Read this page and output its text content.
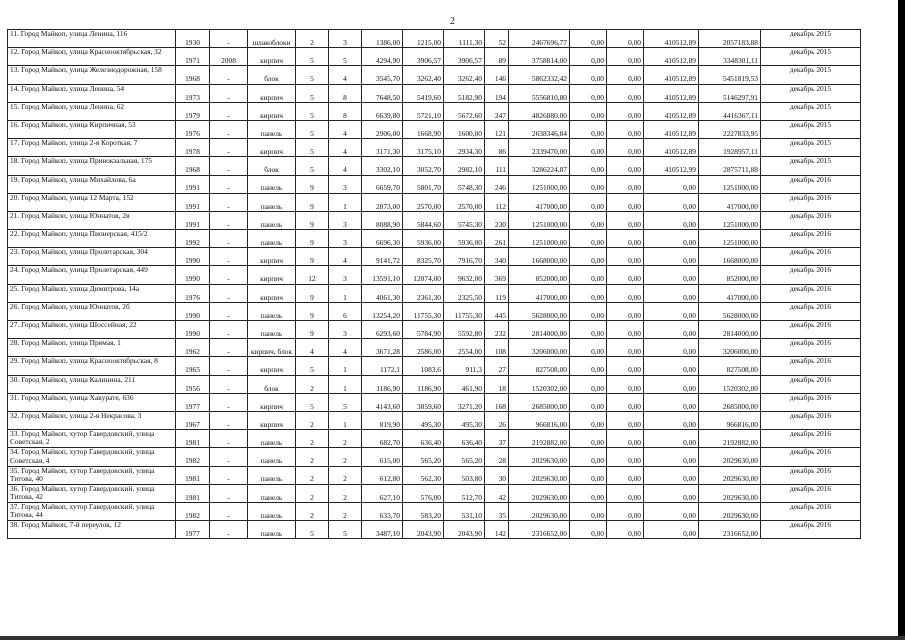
2
11. Город Майкоп, улица Ленина, 116	1930	-	шлакоблоки	2	3	1386,00	1215,00	1111,30	52	2467696,77	0,00	0,00	410512,89	2057183,88	декабрь 2015
12. Город Майкоп, улица Краснооктябрьская, 32	1971	2008	кирпич	5	5	4294,90	3906,57	3906,57	89	3758814,00	0,00	0,00	410512,89	3348301,11	декабрь 2015
13. Город Майкоп, улица Железнодорожная, 158	1968	-	блок	5	4	3545,70	3262,40	3262,40	146	5862332,42	0,00	0,00	410512,89	5451819,53	декабрь 2015
14. Город Майкоп, улица Ленина, 54	1973	-	кирпич	5	8	7648,50	5419,60	5182,90	194	5556810,80	0,00	0,00	410512,89	5146297,91	декабрь 2015
15. Город Майкоп, улица Ленина, 62	1979	-	кирпич	5	8	6639,80	5721,10	5672,60	247	4826880,00	0,00	0,00	410512,89	4416367,11	декабрь 2015
16. Город Майкоп, улица Кирпичная, 53	1976	-	панель	5	4	2906,00	1668,90	1600,00	121	2638346,84	0,00	0,00	410512,89	2227833,95	декабрь 2015
17. Город Майкоп, улица 2-я Короткая, 7	1978	-	кирпич	5	4	3171,30	3175,10	2934,30	86	2339470,00	0,00	0,00	410512,89	1928957,11	декабрь 2015
18. Город Майкоп, улица Привокзальная, 175	1968	-	блок	5	4	3302,10	3052,70	2982,10	111	3286224,87	0,00	0,00	410512,99	2875711,88	декабрь 2015
19. Город Майкоп, улица Михайлова, 6а	1991	-	панель	9	3	6659,70	5801,70	5748,30	246	1251000,00	0,00	0,00	0,00	1251000,00	декабрь 2016
20. Город Майкоп, улица 12 Марта, 152	1991	-	панель	9	1	2873,00	2570,00	2570,00	112	417000,00	0,00	0,00	0,00	417000,00	декабрь 2016
21. Город Майкоп, улица Юннатов, 2в	1991	-	панель	9	3	8088,90	5844,60	5745,30	230	1251000,00	0,00	0,00	0,00	1251000,00	декабрь 2016
22. Город Майкоп, улица Пионерская, 415/2	1992	-	панель	9	3	6696,30	5936,00	5936,00	261	1251000,00	0,00	0,00	0,00	1251000,00	декабрь 2016
23. Город Майкоп, улица Пролетарская, 304	1990	-	кирпич	9	4	9141,72	8325,70	7916,70	340	1668000,00	0,00	0,00	0,00	1668000,00	декабрь 2016
24. Город Майкоп, улица Пролетарская, 449	1990	-	кирпич	12	3	13591,10	12074,00	9632,00	369	852000,00	0,00	0,00	0,00	852000,00	декабрь 2016
25. Город Майкоп, улица Димитрова, 14а	1976	-	кирпич	9	1	4061,30	2361,30	2325,50	119	417000,00	0,00	0,00	0,00	417000,00	декабрь 2016
26. Город Майкоп, улица Юннатов, 2б	1990	-	панель	9	6	13254,20	11755,30	11755,30	445	5628000,00	0,00	0,00	0,00	5628000,00	декабрь 2016
27. Город Майкоп, улица Шоссейная, 22	1990	-	панель	9	3	6293,60	5784,90	5592,80	232	2814000,00	0,00	0,00	0,00	2814000,00	декабрь 2016
28. Город Майкоп, улица Прямая, 1	1962	-	кирпич, блок	4	4	3671,28	2586,00	2554,00	108	3206000,00	0,00	0,00	0,00	3206000,00	декабрь 2016
29. Город Майкоп, улица Краснооктябрьская, 8	1965	-	кирпич	5	1	1172,1	1083,6	911,3	27	827508,00	0,00	0,00	0,00	827508,00	декабрь 2016
30. Город Майкоп, улица Калинина, 211	1956	-	блок	2	1	1186,90	1186,90	461,90	18	1520302,00	0,00	0,00	0,00	1520302,00	декабрь 2016
31. Город Майкоп, улица Хакурате, 636	1977	-	кирпич	5	5	4143,60	3859,60	3271,20	168	2685000,00	0,00	0,00	0,00	2685000,00	декабрь 2016
32. Город Майкоп, улица 2-я Некрасова, 3	1967	-	кирпич	2	1	819,90	495,30	495,30	26	966816,00	0,00	0,00	0,00	966816,00	декабрь 2016
33. Город Майкоп, хутор Гавердовский, улица Советская, 2	1981	-	панель	2	2	682,70	636,40	636,40	37	2192882,00	0,00	0,00	0,00	2192882,00	декабрь 2016
34. Город Майкоп, хутор Гавердовский, улица Советская, 4	1982	-	панель	2	2	615,00	565,20	565,20	28	2029630,00	0,00	0,00	0,00	2029630,00	декабрь 2016
35. Город Майкоп, хутор Гавердовский, улица Титова, 40	1981	-	панель	2	2	612,80	562,30	503,80	30	2029630,00	0,00	0,00	0,00	2029630,00	декабрь 2016
36. Город Майкоп, хутор Гавердовский, улица Титова, 42	1981	-	панель	2	2	627,10	576,00	512,70	42	2029630,00	0,00	0,00	0,00	2029630,00	декабрь 2016
37. Город Майкоп, хутор Гавердовский, улица Титова, 44	1982	-	панель	2	2	633,70	583,20	531,10	35	2029630,00	0,00	0,00	0,00	2029630,00	декабрь 2016
38. Город Майкоп, 7-й переулок, 12	1977	-	панель	5	5	3487,10	2043,90	2043,90	142	2316652,00	0,00	0,00	0,00	2316652,00	декабрь 2016
